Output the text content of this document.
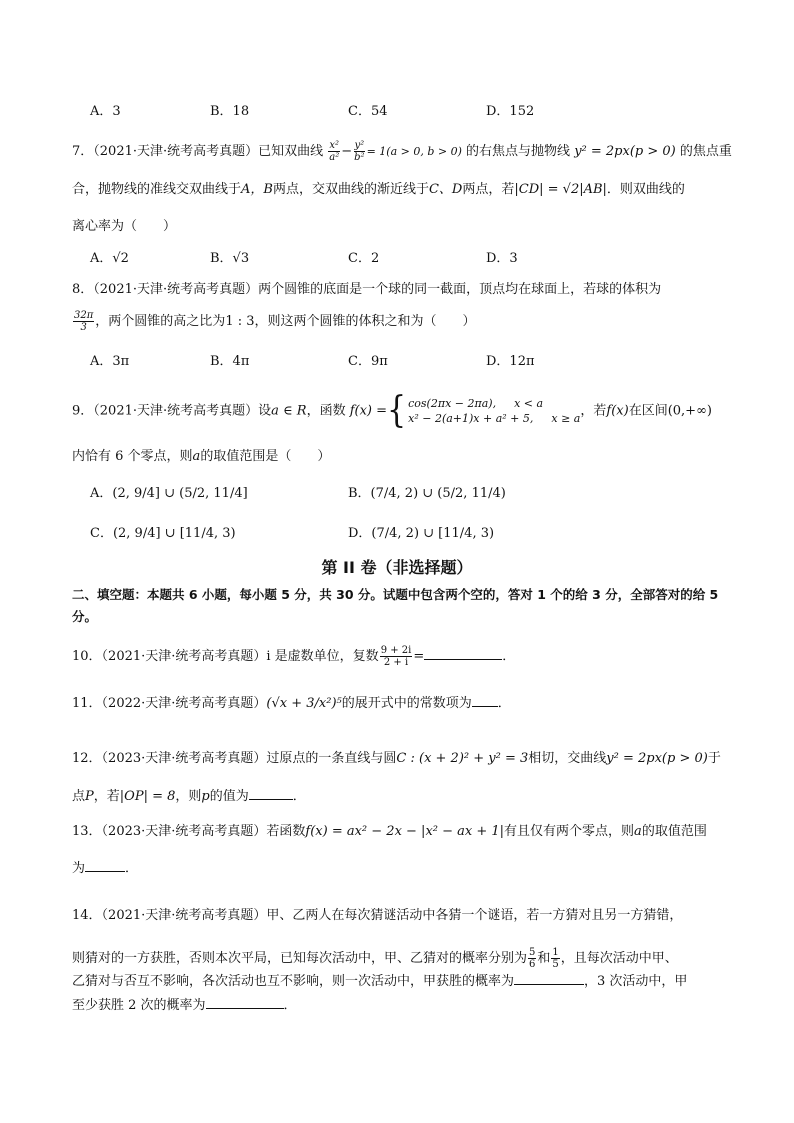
A．3	B．18	C．54	D．152
7．（2021·天津·统考高考真题）已知双曲线 $\frac{\text{x²}}{\text{a²}} - \frac{\text{y²}}{\text{b²}} = 1(a > 0$, b > 0) 的右焦点与抛物线 y² = 2px(p > 0) 的焦点重
合，抛物线的准线交双曲线于A，B两点，交双曲线的渐近线于C、D两点，若|CD| = √2|AB|．则双曲线的
离心率为（　　）
A．√2	B．√3	C．2	D．3
8．（2021·天津·统考高考真题）两个圆锥的底面是一个球的同一截面，顶点均在球面上，若球的体积为
$\frac{32\pi}{3}$ ，两个圆锥的高之比为1 : 3，则这两个圆锥的体积之和为（　　）
A．3π	B．4π	C．9π	D．12π
9．（2021·天津·统考高考真题）设a ∈ R，函数 f(x) ={ cos(2πx − 2πa), x < a
x² − 2(a+1)x + a² + 5, x ≥ a ，若f(x)在区间(0,+∞)
内恰有 6 个零点，则a的取值范围是（　　）
A．(2, 9/4] ∪ (5/2, 11/4]	B．(7/4, 2) ∪ (5/2, 11/4)
C．(2, 9/4] ∪ [11/4, 3)	D．(7/4, 2) ∪ [11/4, 3)
第 II 卷（非选择题）
二、填空题：本题共 6 小题，每小题 5 分，共 30 分。试题中包含两个空的，答对 1 个的给 3 分，全部答对的给 5 分。
10．（2021·天津·统考高考真题）i 是虚数单位，复数 $\frac{9 + 2i}{2 + i}$ =	．
11．（2022·天津·统考高考真题）(√x + 3/x²)⁵的展开式中的常数项为 ．
12．（2023·天津·统考高考真题）过原点的一条直线与圆C : (x + 2)² + y² = 3相切，交曲线y² = 2px(p > 0)于
点P，若|OP| = 8，则p的值为	．
13．（2023·天津·统考高考真题）若函数f(x) = ax² − 2x − |x² − ax + 1|有且仅有两个零点，则a的取值范围
为	．
14．（2021·天津·统考高考真题）甲、乙两人在每次猜谜活动中各猜一个谜语，若一方猜对且另一方猜错，
则猜对的一方获胜，否则本次平局，已知每次活动中，甲、乙猜对的概率分别为 $\frac{5}{6}$ 和 $\frac{1}{5}$ ，且每次活动中甲、
乙猜对与否互不影响，各次活动也互不影响，则一次活动中，甲获胜的概率为	，3 次活动中，甲
至少获胜 2 次的概率为	．
